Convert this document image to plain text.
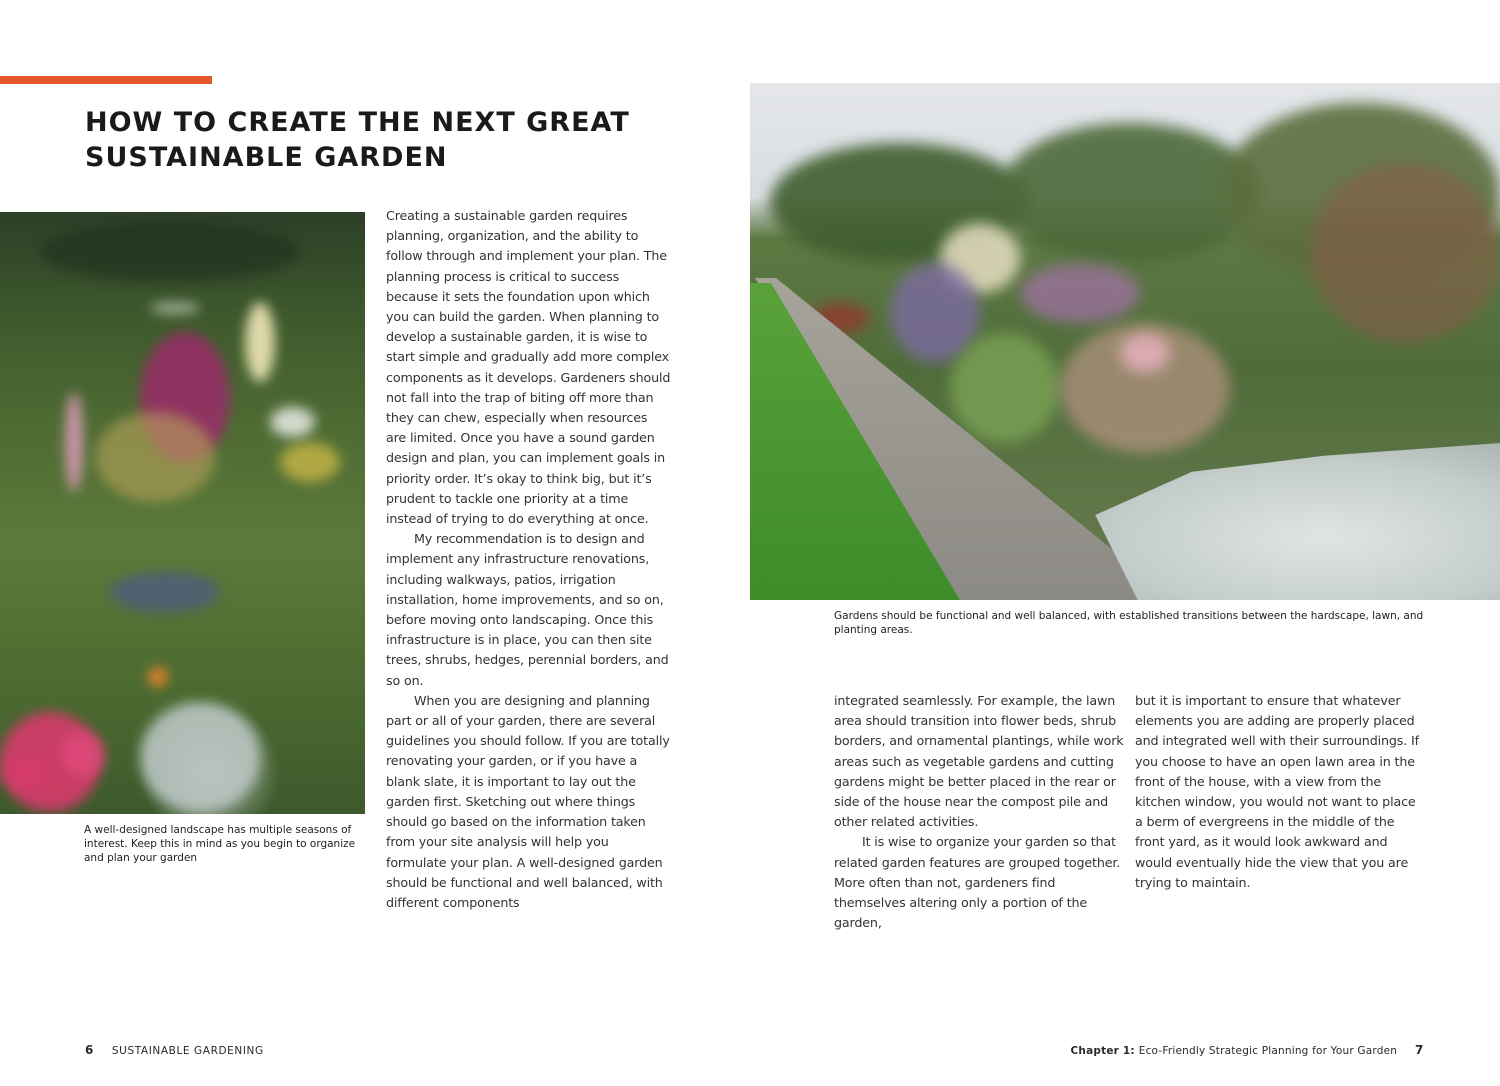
HOW TO CREATE THE NEXT GREAT
SUSTAINABLE GARDEN

A well-designed landscape has multiple seasons of interest. Keep this in mind as you begin to organize and plan your garden

Gardens should be functional and well balanced, with established transitions between the hardscape, lawn, and planting areas.

Creating a sustainable garden requires planning, organization, and the ability to follow through and implement your plan. The planning process is critical to success because it sets the foundation upon which you can build the garden. When planning to develop a sustainable garden, it is wise to start simple and gradually add more complex components as it develops. Gardeners should not fall into the trap of biting off more than they can chew, especially when resources are limited. Once you have a sound garden design and plan, you can implement goals in priority order. It’s okay to think big, but it’s prudent to tackle one priority at a time instead of trying to do everything at once.

My recommendation is to design and implement any infrastructure renovations, including walkways, patios, irrigation installation, home improvements, and so on, before moving onto landscaping. Once this infrastructure is in place, you can then site trees, shrubs, hedges, perennial borders, and so on.

When you are designing and planning part or all of your garden, there are several guidelines you should follow. If you are totally renovating your garden, or if you have a blank slate, it is important to lay out the garden first. Sketching out where things should go based on the information taken from your site analysis will help you formulate your plan. A well-designed garden should be functional and well balanced, with different components

integrated seamlessly. For example, the lawn area should transition into flower beds, shrub borders, and ornamental plantings, while work areas such as vegetable gardens and cutting gardens might be better placed in the rear or side of the house near the compost pile and other related activities.

It is wise to organize your garden so that related garden features are grouped together. More often than not, gardeners find themselves altering only a portion of the garden,

but it is important to ensure that whatever elements you are adding are properly placed and integrated well with their surroundings. If you choose to have an open lawn area in the front of the house, with a view from the kitchen window, you would not want to place a berm of evergreens in the middle of the front yard, as it would look awkward and would eventually hide the view that you are trying to maintain.

6 SUSTAINABLE GARDENING	Chapter 1: Eco-Friendly Strategic Planning for Your Garden 7
